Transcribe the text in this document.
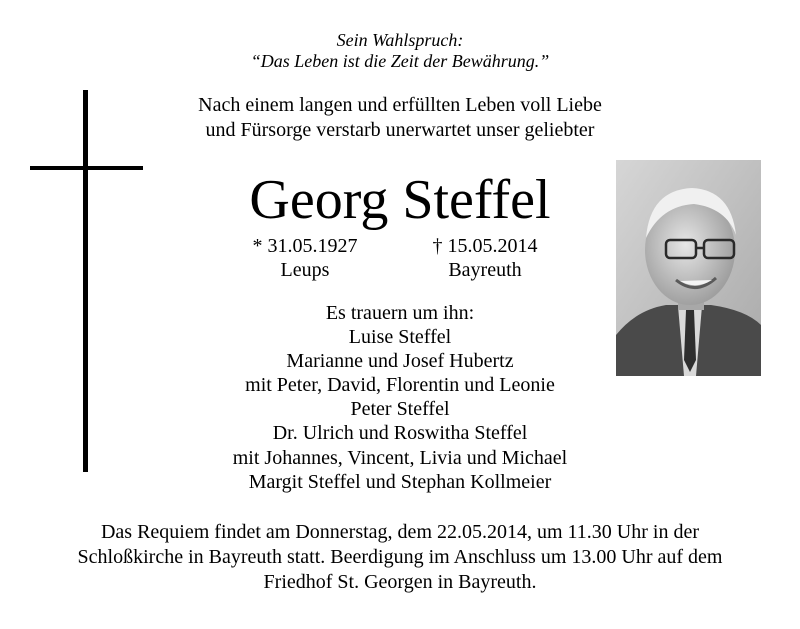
Sein Wahlspruch:
“Das Leben ist die Zeit der Bewährung.”
Nach einem langen und erfüllten Leben voll Liebe
und Fürsorge verstarb unerwartet unser geliebter
Georg Steffel
* 31.05.1927
Leups
† 15.05.2014
Bayreuth
Es trauern um ihn:
Luise Steffel
Marianne und Josef Hubertz
mit Peter, David, Florentin und Leonie
Peter Steffel
Dr. Ulrich und Roswitha Steffel
mit Johannes, Vincent, Livia und Michael
Margit Steffel und Stephan Kollmeier
Das Requiem findet am Donnerstag, dem 22.05.2014, um 11.30 Uhr in der
Schloßkirche in Bayreuth statt. Beerdigung im Anschluss um 13.00 Uhr auf dem
Friedhof St. Georgen in Bayreuth.
